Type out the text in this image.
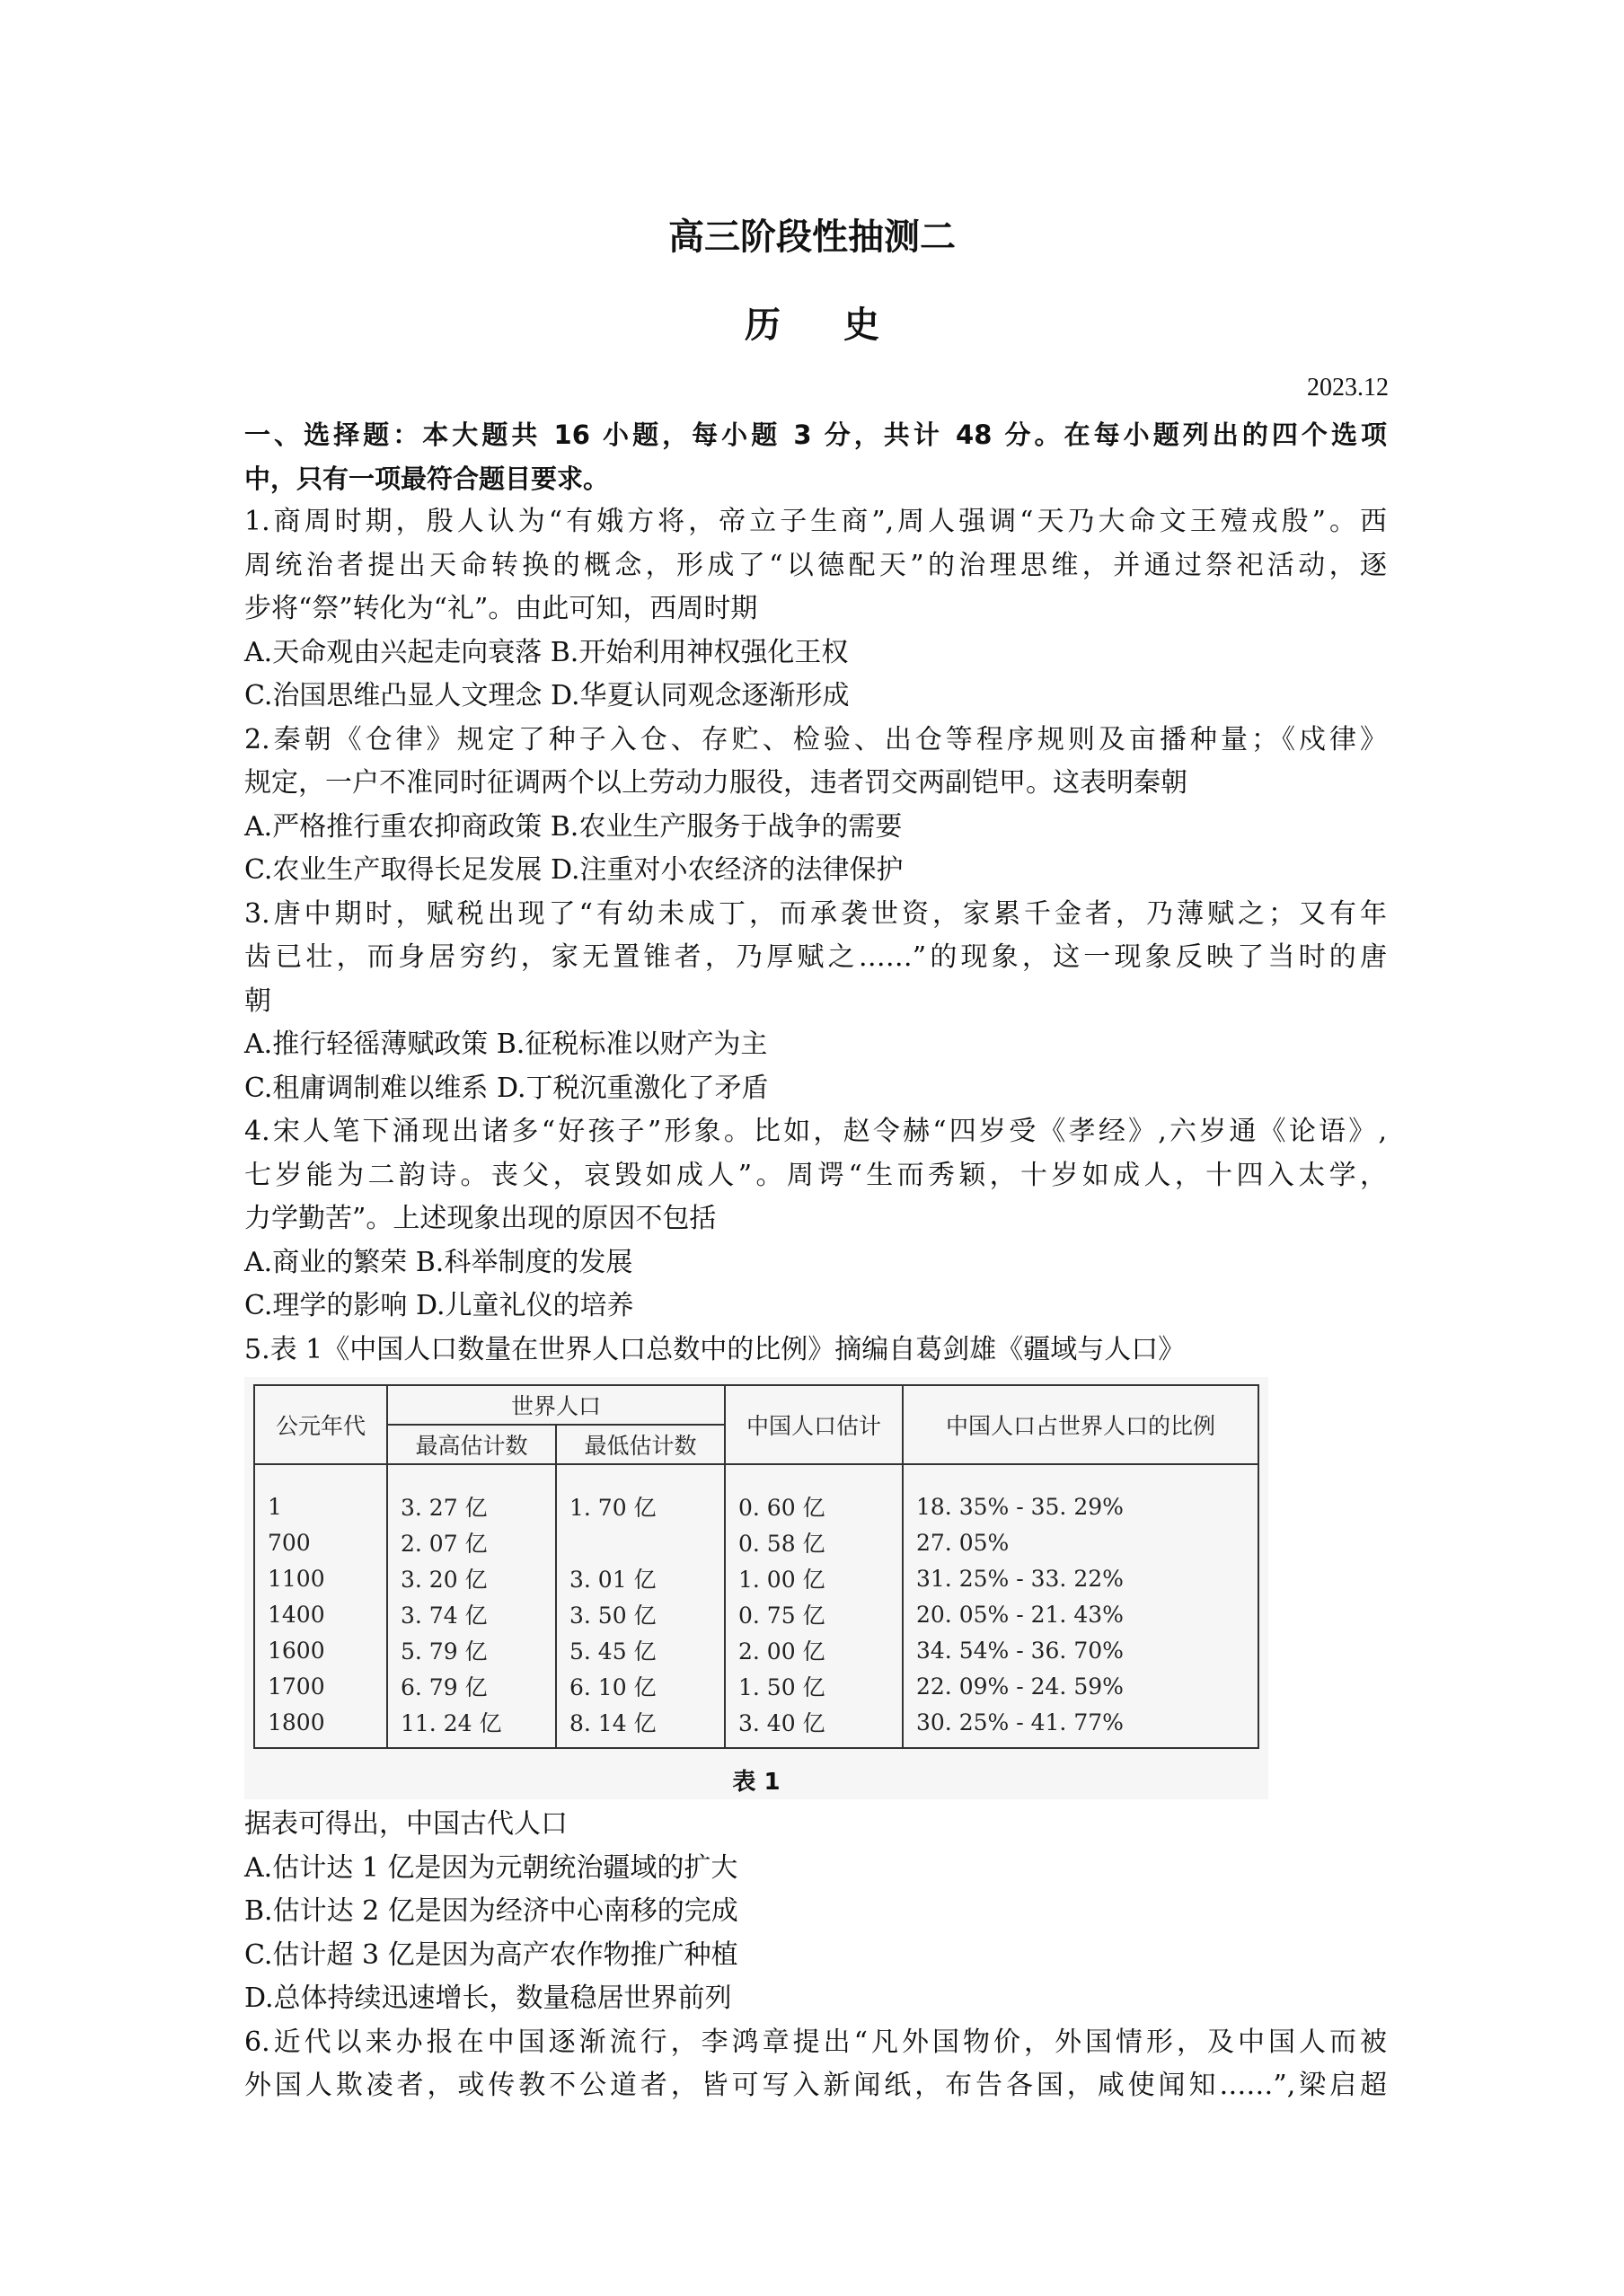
高三阶段性抽测二
历 史
2023.12
一、选择题：本大题共 16 小题，每小题 3 分，共计 48 分。在每小题列出的四个选项
中，只有一项最符合题目要求。
1.商周时期，殷人认为“有娥方将，帝立子生商”,周人强调“天乃大命文王殪戎殷”。西
周统治者提出天命转换的概念，形成了“以德配天”的治理思维，并通过祭祀活动，逐
步将“祭”转化为“礼”。由此可知，西周时期
A.天命观由兴起走向衰落 B.开始利用神权强化王权
C.治国思维凸显人文理念 D.华夏认同观念逐渐形成
2.秦朝《仓律》规定了种子入仓、存贮、检验、出仓等程序规则及亩播种量；《戍律》
规定，一户不准同时征调两个以上劳动力服役，违者罚交两副铠甲。这表明秦朝
A.严格推行重农抑商政策 B.农业生产服务于战争的需要
C.农业生产取得长足发展 D.注重对小农经济的法律保护
3.唐中期时，赋税出现了“有幼未成丁，而承袭世资，家累千金者，乃薄赋之；又有年
齿已壮，而身居穷约，家无置锥者，乃厚赋之……”的现象，这一现象反映了当时的唐
朝
A.推行轻徭薄赋政策 B.征税标准以财产为主
C.租庸调制难以维系 D.丁税沉重激化了矛盾
4.宋人笔下涌现出诸多“好孩子”形象。比如，赵令赫“四岁受《孝经》,六岁通《论语》,
七岁能为二韵诗。丧父，哀毁如成人”。周谔“生而秀颖，十岁如成人，十四入太学，
力学勤苦”。上述现象出现的原因不包括
A.商业的繁荣 B.科举制度的发展
C.理学的影响 D.儿童礼仪的培养
5.表 1《中国人口数量在世界人口总数中的比例》摘编自葛剑雄《疆域与人口》
公元年代	世界人口		中国人口估计	中国人口占世界人口的比例
	最高估计数	最低估计数		
1	3. 27 亿	1. 70 亿	0. 60 亿	18. 35% - 35. 29%
700	2. 07 亿		0. 58 亿	27. 05%
1100	3. 20 亿	3. 01 亿	1. 00 亿	31. 25% - 33. 22%
1400	3. 74 亿	3. 50 亿	0. 75 亿	20. 05% - 21. 43%
1600	5. 79 亿	5. 45 亿	2. 00 亿	34. 54% - 36. 70%
1700	6. 79 亿	6. 10 亿	1. 50 亿	22. 09% - 24. 59%
1800	11. 24 亿	8. 14 亿	3. 40 亿	30. 25% - 41. 77%
表 1
据表可得出，中国古代人口
A.估计达 1 亿是因为元朝统治疆域的扩大
B.估计达 2 亿是因为经济中心南移的完成
C.估计超 3 亿是因为高产农作物推广种植
D.总体持续迅速增长，数量稳居世界前列
6.近代以来办报在中国逐渐流行，李鸿章提出“凡外国物价，外国情形，及中国人而被
外国人欺凌者，或传教不公道者，皆可写入新闻纸，布告各国，咸使闻知……”,梁启超
